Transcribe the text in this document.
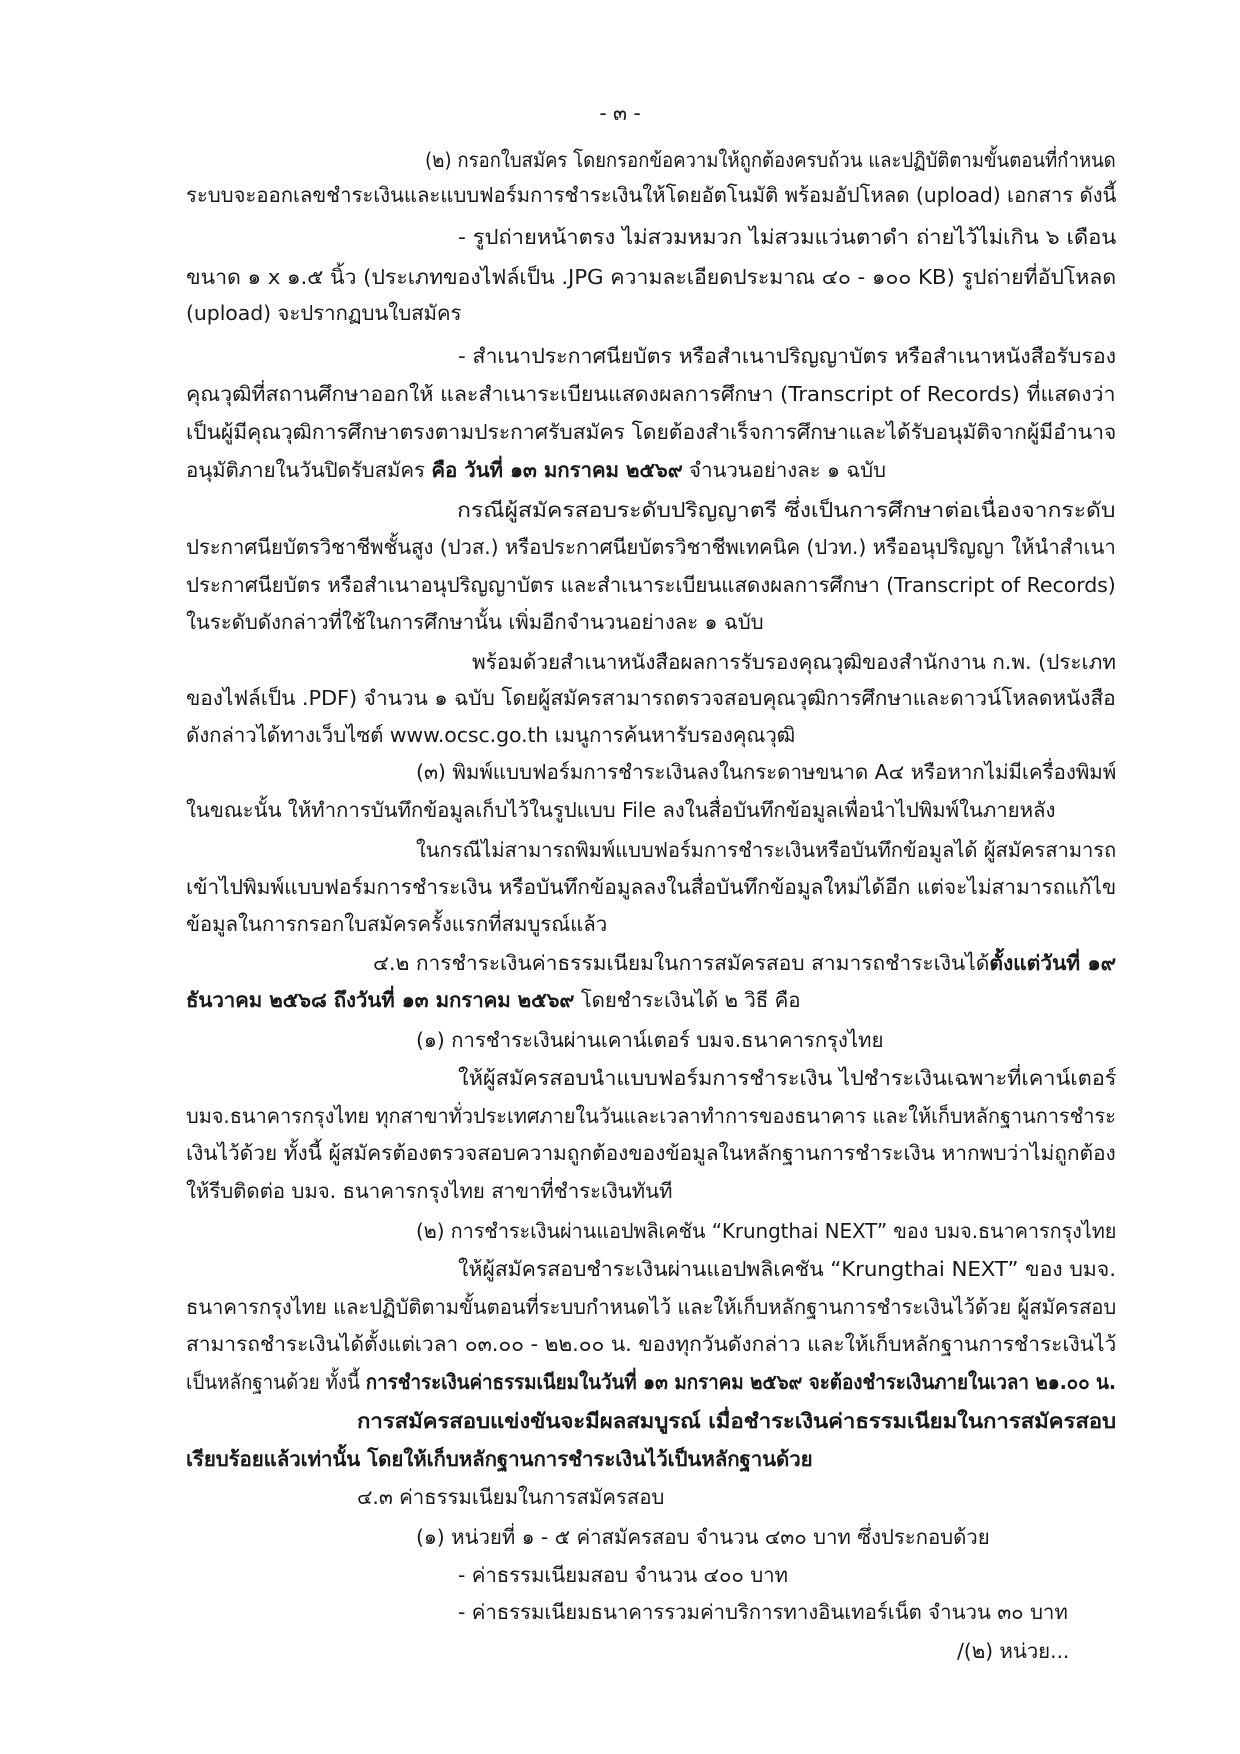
- ๓ -
(๒) กรอกใบสมัคร โดยกรอกข้อความให้ถูกต้องครบถ้วน และปฏิบัติตามขั้นตอนที่กำหนด
ระบบจะออกเลขชำระเงินและแบบฟอร์มการชำระเงินให้โดยอัตโนมัติ พร้อมอัปโหลด (upload) เอกสาร ดังนี้
- รูปถ่ายหน้าตรง ไม่สวมหมวก ไม่สวมแว่นตาดำ ถ่ายไว้ไม่เกิน ๖ เดือน
ขนาด ๑ x ๑.๕ นิ้ว (ประเภทของไฟล์เป็น .JPG ความละเอียดประมาณ ๔๐ - ๑๐๐ KB) รูปถ่ายที่อัปโหลด
(upload) จะปรากฏบนใบสมัคร
- สำเนาประกาศนียบัตร หรือสำเนาปริญญาบัตร หรือสำเนาหนังสือรับรอง
คุณวุฒิที่สถานศึกษาออกให้ และสำเนาระเบียนแสดงผลการศึกษา (Transcript of Records) ที่แสดงว่า
เป็นผู้มีคุณวุฒิการศึกษาตรงตามประกาศรับสมัคร โดยต้องสำเร็จการศึกษาและได้รับอนุมัติจากผู้มีอำนาจ
อนุมัติภายในวันปิดรับสมัคร คือ วันที่ ๑๓ มกราคม ๒๕๖๙ จำนวนอย่างละ ๑ ฉบับ
กรณีผู้สมัครสอบระดับปริญญาตรี ซึ่งเป็นการศึกษาต่อเนื่องจากระดับ
ประกาศนียบัตรวิชาชีพชั้นสูง (ปวส.) หรือประกาศนียบัตรวิชาชีพเทคนิค (ปวท.) หรืออนุปริญญา ให้นำสำเนา
ประกาศนียบัตร หรือสำเนาอนุปริญญาบัตร และสำเนาระเบียนแสดงผลการศึกษา (Transcript of Records)
ในระดับดังกล่าวที่ใช้ในการศึกษานั้น เพิ่มอีกจำนวนอย่างละ ๑ ฉบับ
พร้อมด้วยสำเนาหนังสือผลการรับรองคุณวุฒิของสำนักงาน ก.พ. (ประเภท
ของไฟล์เป็น .PDF) จำนวน ๑ ฉบับ โดยผู้สมัครสามารถตรวจสอบคุณวุฒิการศึกษาและดาวน์โหลดหนังสือ
ดังกล่าวได้ทางเว็บไซต์ www.ocsc.go.th เมนูการค้นหารับรองคุณวุฒิ
(๓) พิมพ์แบบฟอร์มการชำระเงินลงในกระดาษขนาด A๔ หรือหากไม่มีเครื่องพิมพ์
ในขณะนั้น ให้ทำการบันทึกข้อมูลเก็บไว้ในรูปแบบ File ลงในสื่อบันทึกข้อมูลเพื่อนำไปพิมพ์ในภายหลัง
ในกรณีไม่สามารถพิมพ์แบบฟอร์มการชำระเงินหรือบันทึกข้อมูลได้ ผู้สมัครสามารถ
เข้าไปพิมพ์แบบฟอร์มการชำระเงิน หรือบันทึกข้อมูลลงในสื่อบันทึกข้อมูลใหม่ได้อีก แต่จะไม่สามารถแก้ไข
ข้อมูลในการกรอกใบสมัครครั้งแรกที่สมบูรณ์แล้ว
๔.๒ การชำระเงินค่าธรรมเนียมในการสมัครสอบ สามารถชำระเงินได้ตั้งแต่วันที่ ๑๙
ธันวาคม ๒๕๖๘ ถึงวันที่ ๑๓ มกราคม ๒๕๖๙ โดยชำระเงินได้ ๒ วิธี คือ
(๑) การชำระเงินผ่านเคาน์เตอร์ บมจ.ธนาคารกรุงไทย
ให้ผู้สมัครสอบนำแบบฟอร์มการชำระเงิน ไปชำระเงินเฉพาะที่เคาน์เตอร์
บมจ.ธนาคารกรุงไทย ทุกสาขาทั่วประเทศภายในวันและเวลาทำการของธนาคาร และให้เก็บหลักฐานการชำระ
เงินไว้ด้วย ทั้งนี้ ผู้สมัครต้องตรวจสอบความถูกต้องของข้อมูลในหลักฐานการชำระเงิน หากพบว่าไม่ถูกต้อง
ให้รีบติดต่อ บมจ. ธนาคารกรุงไทย สาขาที่ชำระเงินทันที
(๒) การชำระเงินผ่านแอปพลิเคชัน “Krungthai NEXT” ของ บมจ.ธนาคารกรุงไทย
ให้ผู้สมัครสอบชำระเงินผ่านแอปพลิเคชัน “Krungthai NEXT” ของ บมจ.
ธนาคารกรุงไทย และปฏิบัติตามขั้นตอนที่ระบบกำหนดไว้ และให้เก็บหลักฐานการชำระเงินไว้ด้วย ผู้สมัครสอบ
สามารถชำระเงินได้ตั้งแต่เวลา ๐๓.๐๐ - ๒๒.๐๐ น. ของทุกวันดังกล่าว และให้เก็บหลักฐานการชำระเงินไว้
เป็นหลักฐานด้วย ทั้งนี้ การชำระเงินค่าธรรมเนียมในวันที่ ๑๓ มกราคม ๒๕๖๙ จะต้องชำระเงินภายในเวลา ๒๑.๐๐ น.
การสมัครสอบแข่งขันจะมีผลสมบูรณ์ เมื่อชำระเงินค่าธรรมเนียมในการสมัครสอบ
เรียบร้อยแล้วเท่านั้น โดยให้เก็บหลักฐานการชำระเงินไว้เป็นหลักฐานด้วย
๔.๓ ค่าธรรมเนียมในการสมัครสอบ
(๑) หน่วยที่ ๑ - ๕ ค่าสมัครสอบ จำนวน ๔๓๐ บาท ซึ่งประกอบด้วย
- ค่าธรรมเนียมสอบ จำนวน ๔๐๐ บาท
- ค่าธรรมเนียมธนาคารรวมค่าบริการทางอินเทอร์เน็ต จำนวน ๓๐ บาท
/(๒) หน่วย...
